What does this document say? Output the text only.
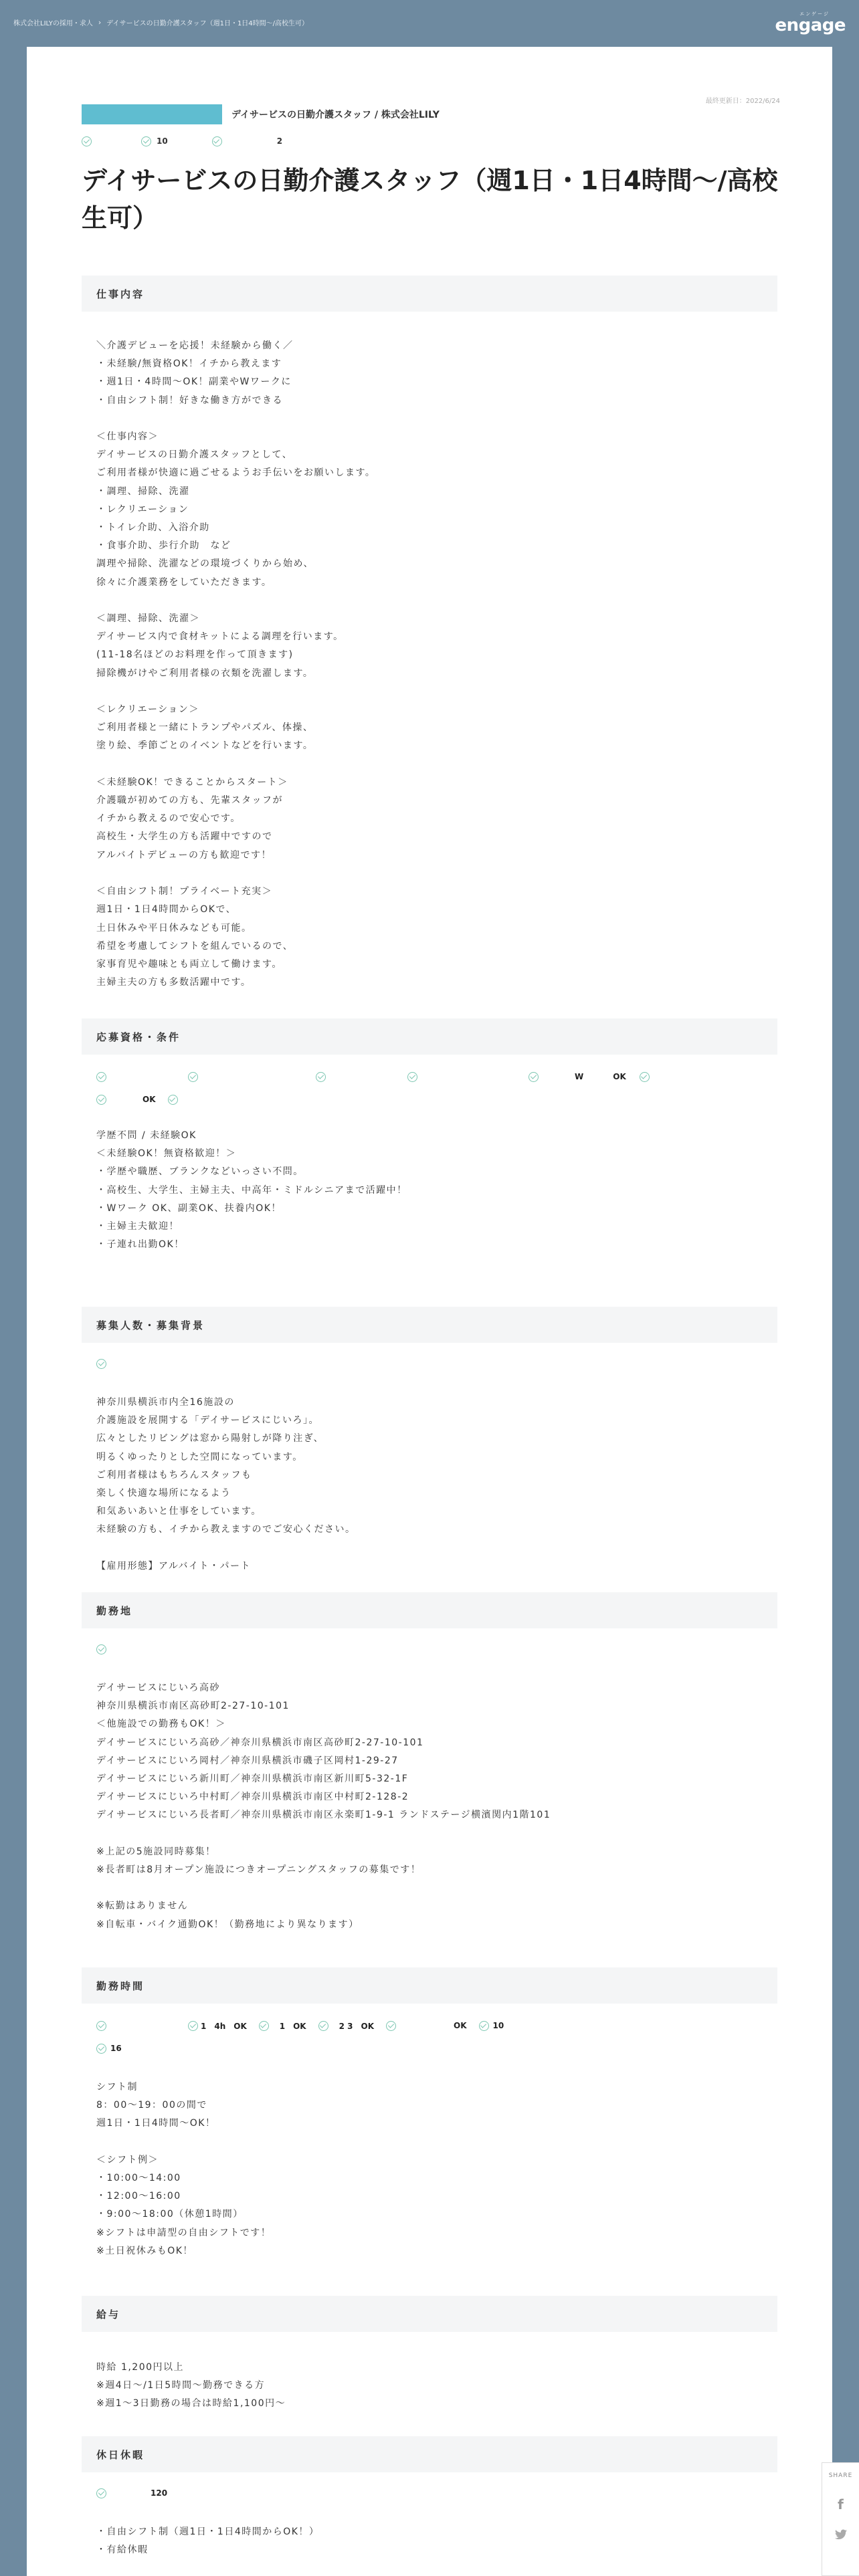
株式会社LILYの採用・求人 › デイサービスの日勤介護スタッフ（週1日・1日4時間〜/高校生可）
エンゲージ
engage
最終更新日：2022/6/24
デイサービスの日勤介護スタッフ / 株式会社LILY
10	2
デイサービスの日勤介護スタッフ（週1日・1日4時間〜/高校生可）
仕事内容
＼介護デビューを応援！未経験から働く／
・未経験/無資格OK！イチから教えます
・週1日・4時間〜OK！副業やWワークに
・自由シフト制！好きな働き方ができる

＜仕事内容＞
デイサービスの日勤介護スタッフとして、
ご利用者様が快適に過ごせるようお手伝いをお願いします。
・調理、掃除、洗濯
・レクリエーション
・トイレ介助、入浴介助
・食事介助、歩行介助　など
調理や掃除、洗濯などの環境づくりから始め、
徐々に介護業務をしていただきます。

＜調理、掃除、洗濯＞
デイサービス内で食材キットによる調理を行います。
(11-18名ほどのお料理を作って頂きます)
掃除機がけやご利用者様の衣類を洗濯します。

＜レクリエーション＞
ご利用者様と一緒にトランプやパズル、体操、
塗り絵、季節ごとのイベントなどを行います。

＜未経験OK！できることからスタート＞
介護職が初めての方も、先輩スタッフが
イチから教えるので安心です。
高校生・大学生の方も活躍中ですので
アルバイトデビューの方も歓迎です！

＜自由シフト制！プライベート充実＞
週1日・1日4時間からOKで、
土日休みや平日休みなども可能。
希望を考慮してシフトを組んでいるので、
家事育児や趣味とも両立して働けます。
主婦主夫の方も多数活躍中です。
応募資格・条件
W	OK
OK
学歴不問 / 未経験OK
＜未経験OK！無資格歓迎！＞
・学歴や職歴、ブランクなどいっさい不問。
・高校生、大学生、主婦主夫、中高年・ミドルシニアまで活躍中！
・Wワーク OK、副業OK、扶養内OK！
・主婦主夫歓迎！
・子連れ出勤OK！
募集人数・募集背景
神奈川県横浜市内全16施設の
介護施設を展開する「デイサービスにじいろ」。
広々としたリビングは窓から陽射しが降り注ぎ、
明るくゆったりとした空間になっています。
ご利用者様はもちろんスタッフも
楽しく快適な場所になるよう
和気あいあいと仕事をしています。
未経験の方も、イチから教えますのでご安心ください。

【雇用形態】アルバイト・パート
勤務地
デイサービスにじいろ高砂
神奈川県横浜市南区高砂町2-27-10-101
＜他施設での勤務もOK！＞
デイサービスにじいろ高砂／神奈川県横浜市南区高砂町2-27-10-101
デイサービスにじいろ岡村／神奈川県横浜市磯子区岡村1-29-27
デイサービスにじいろ新川町／神奈川県横浜市南区新川町5-32-1F
デイサービスにじいろ中村町／神奈川県横浜市南区中村町2-128-2
デイサービスにじいろ長者町／神奈川県横浜市南区永楽町1-9-1 ランドステージ横濱関内1階101

※上記の5施設同時募集！
※長者町は8月オープン施設につきオープニングスタッフの募集です！

※転勤はありません
※自転車・バイク通勤OK！（勤務地により異なります）
勤務時間
1　4h　OK	1　OK	2 3　OK	OK	10
16
シフト制
8：00〜19：00の間で
週1日・1日4時間〜OK！

＜シフト例＞
・10:00〜14:00
・12:00〜16:00
・9:00〜18:00（休憩1時間）
※シフトは申請型の自由シフトです！
※土日祝休みもOK！
給与
時給 1,200円以上
※週4日〜/1日5時間〜勤務できる方
※週1〜3日勤務の場合は時給1,100円〜
休日休暇
120
・自由シフト制（週1日・1日4時間からOK！）
・有給休暇
SHARE
f
